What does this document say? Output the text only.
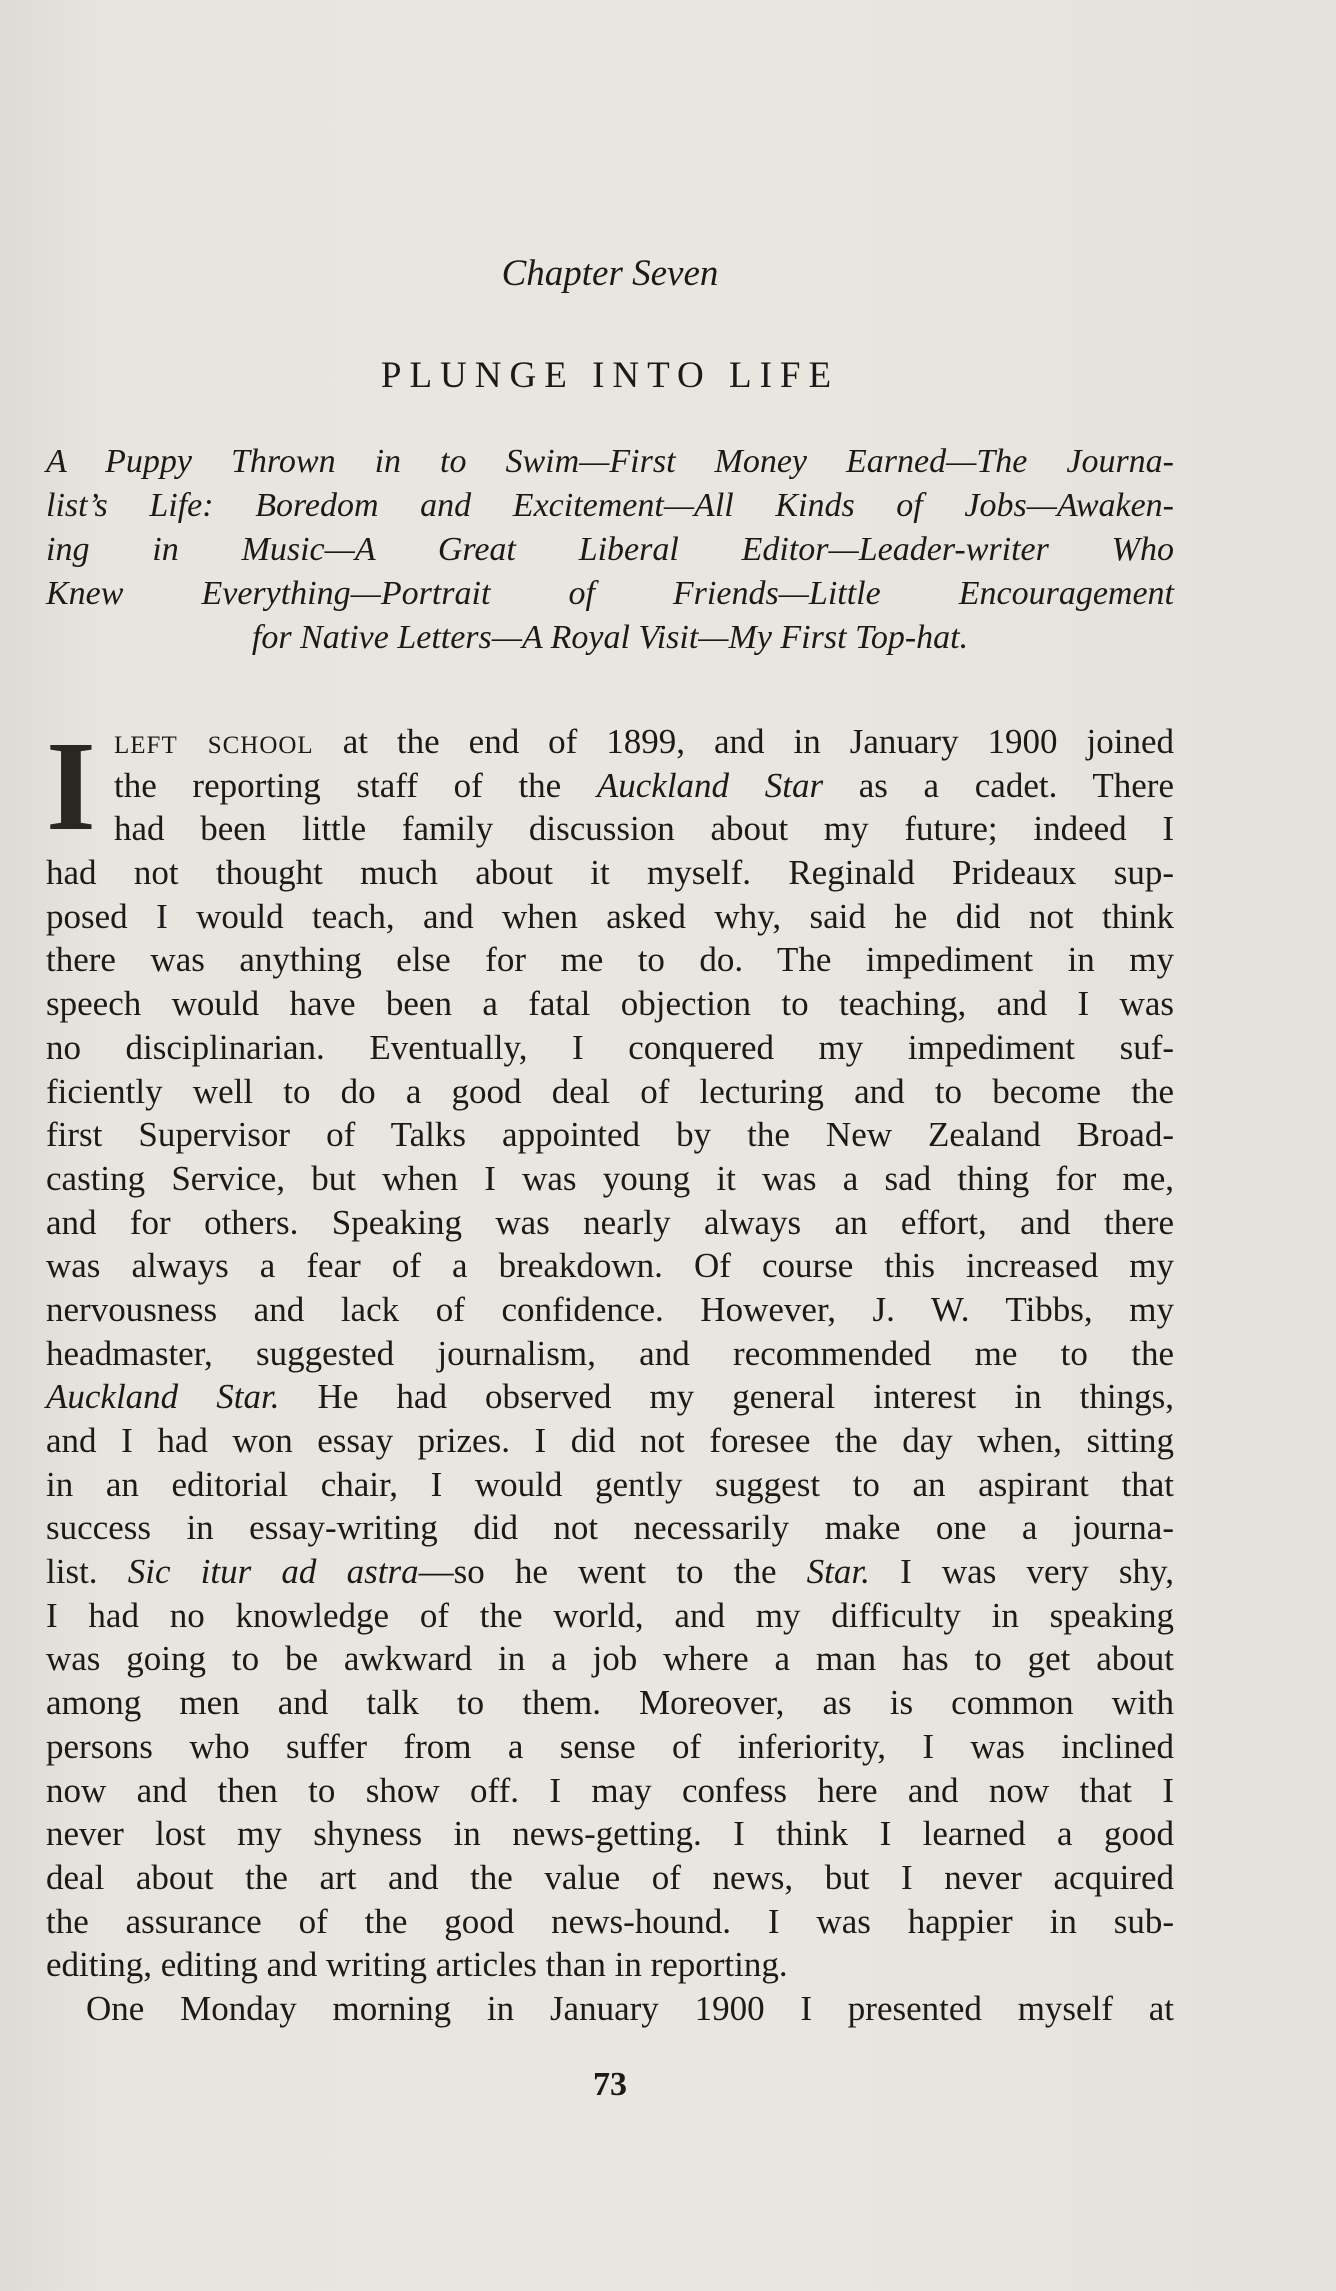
Chapter Seven
PLUNGE INTO LIFE
A Puppy Thrown in to Swim—First Money Earned—The Journa-
list’s Life: Boredom and Excitement—All Kinds of Jobs—Awaken-
ing in Music—A Great Liberal Editor—Leader-writer Who
Knew Everything—Portrait of Friends—Little Encouragement
for Native Letters—A Royal Visit—My First Top-hat.
I left school at the end of 1899, and in January 1900 joined
the reporting staff of the Auckland Star as a cadet. There
had been little family discussion about my future; indeed I
had not thought much about it myself. Reginald Prideaux sup-
posed I would teach, and when asked why, said he did not think
there was anything else for me to do. The impediment in my
speech would have been a fatal objection to teaching, and I was
no disciplinarian. Eventually, I conquered my impediment suf-
ficiently well to do a good deal of lecturing and to become the
first Supervisor of Talks appointed by the New Zealand Broad-
casting Service, but when I was young it was a sad thing for me,
and for others. Speaking was nearly always an effort, and there
was always a fear of a breakdown. Of course this increased my
nervousness and lack of confidence. However, J. W. Tibbs, my
headmaster, suggested journalism, and recommended me to the
Auckland Star. He had observed my general interest in things,
and I had won essay prizes. I did not foresee the day when, sitting
in an editorial chair, I would gently suggest to an aspirant that
success in essay-writing did not necessarily make one a journa-
list. Sic itur ad astra—so he went to the Star. I was very shy,
I had no knowledge of the world, and my difficulty in speaking
was going to be awkward in a job where a man has to get about
among men and talk to them. Moreover, as is common with
persons who suffer from a sense of inferiority, I was inclined
now and then to show off. I may confess here and now that I
never lost my shyness in news-getting. I think I learned a good
deal about the art and the value of news, but I never acquired
the assurance of the good news-hound. I was happier in sub-
editing, editing and writing articles than in reporting.
One Monday morning in January 1900 I presented myself at
73
